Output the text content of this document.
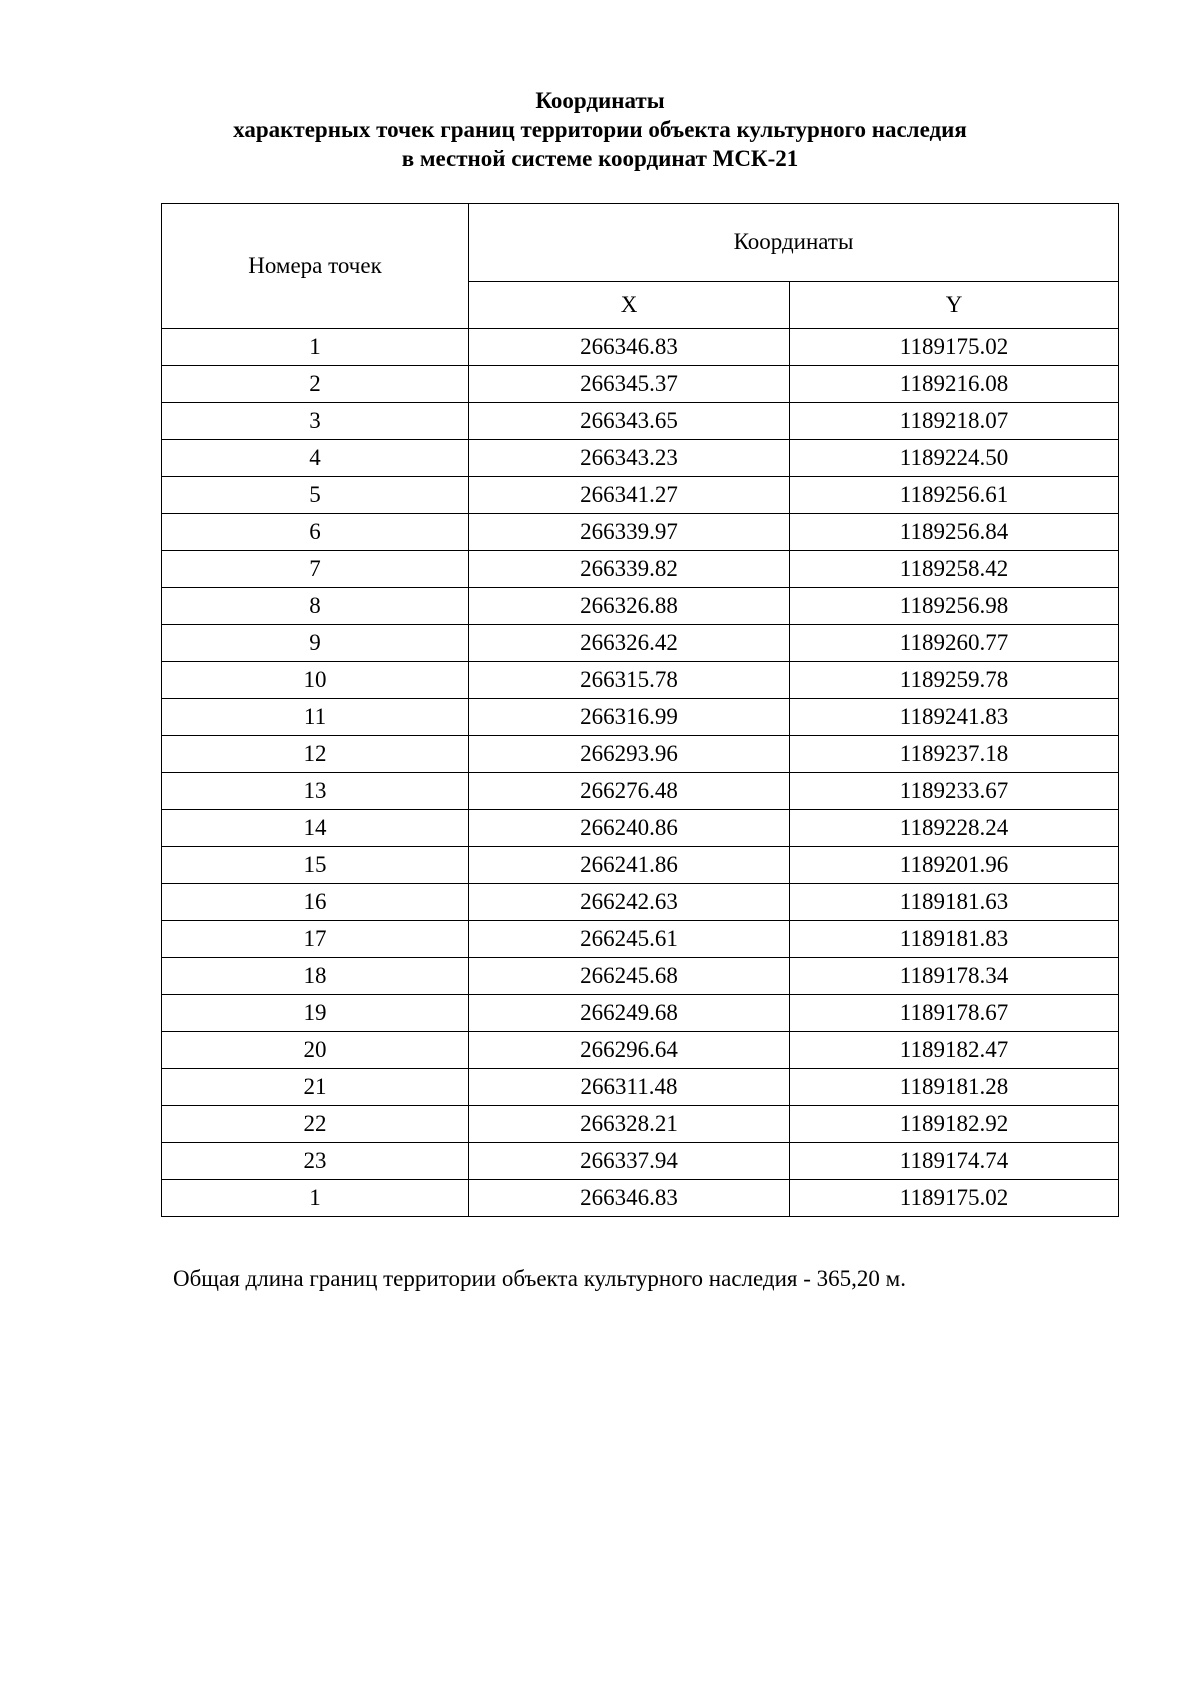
Координаты
характерных точек границ территории объекта культурного наследия
в местной системе координат МСК-21
Номера точек	Координаты	
	X	Y
1	266346.83	1189175.02
2	266345.37	1189216.08
3	266343.65	1189218.07
4	266343.23	1189224.50
5	266341.27	1189256.61
6	266339.97	1189256.84
7	266339.82	1189258.42
8	266326.88	1189256.98
9	266326.42	1189260.77
10	266315.78	1189259.78
11	266316.99	1189241.83
12	266293.96	1189237.18
13	266276.48	1189233.67
14	266240.86	1189228.24
15	266241.86	1189201.96
16	266242.63	1189181.63
17	266245.61	1189181.83
18	266245.68	1189178.34
19	266249.68	1189178.67
20	266296.64	1189182.47
21	266311.48	1189181.28
22	266328.21	1189182.92
23	266337.94	1189174.74
1	266346.83	1189175.02
Общая длина границ территории объекта культурного наследия - 365,20 м.
